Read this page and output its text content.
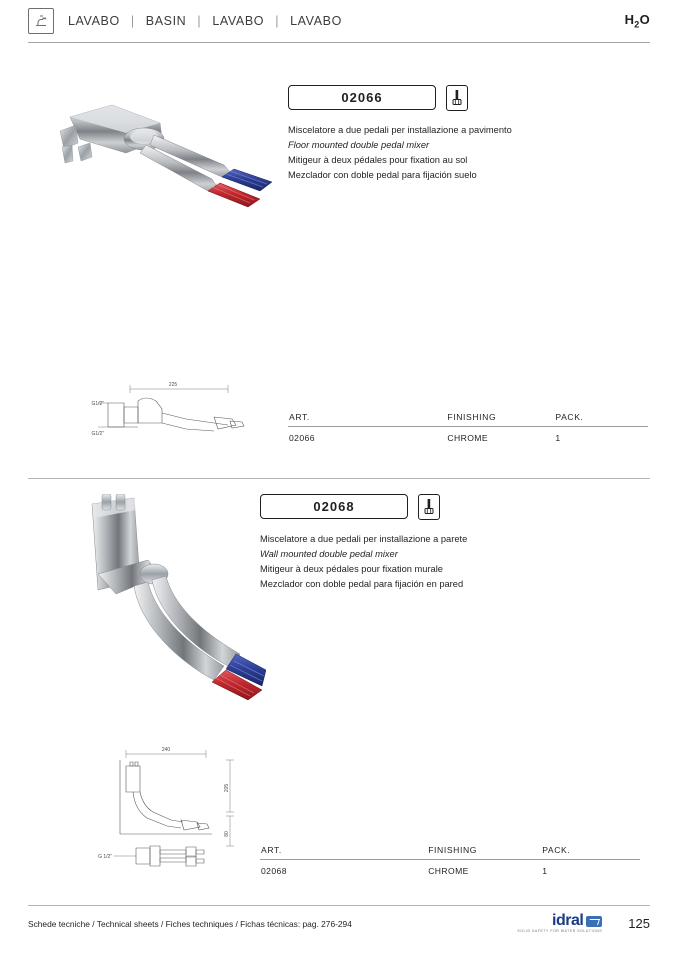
LAVABO | BASIN | LAVABO | LAVABO	$H_2O$
02066
Miscelatore a due pedali per installazione a pavimento
Floor mounted double pedal mixer
Mitigeur à deux pédales pour fixation au sol
Mezclador con doble pedal para fijación suelo
225
G1/2”
G1/2”
ART.	FINISHING	PACK.
02066	CHROME	1
02068
Miscelatore a due pedali per installazione a parete
Wall mounted double pedal mixer
Mitigeur à deux pédales pour fixation murale
Mezclador con doble pedal para fijación en pared
240
205
80
G 1/2”
ART.	FINISHING	PACK.
02068	CHROME	1
Schede tecniche / Technical sheets / Fiches techniques / Fichas técnicas: pag. 276-294	idral
SOLID SAFETY FOR WATER SOLUTIONS 125
